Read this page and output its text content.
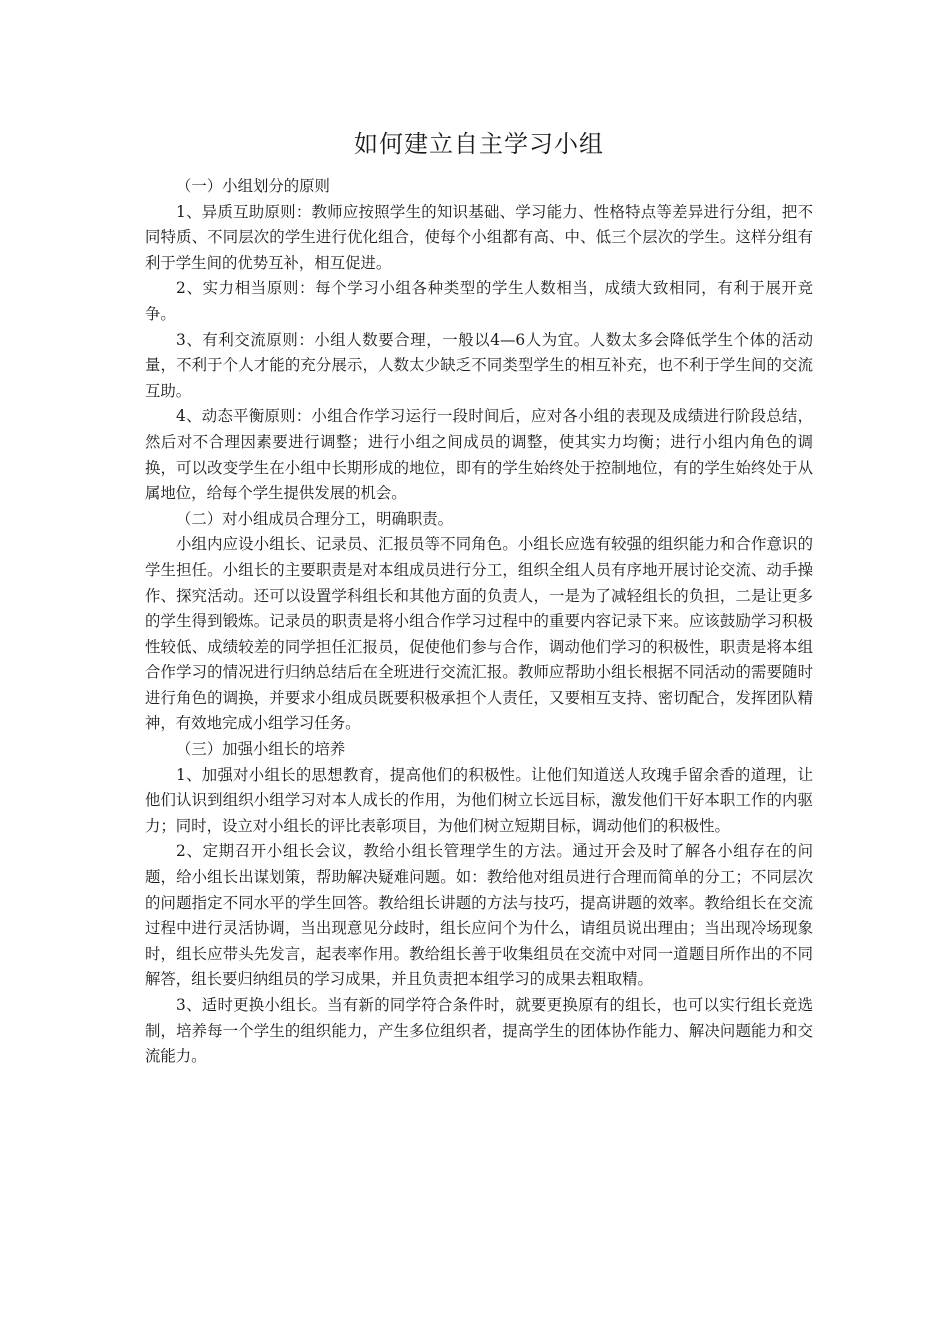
如何建立自主学习小组

（一）小组划分的原则

1、异质互助原则：教师应按照学生的知识基础、学习能力、性格特点等差异进行分组，把不同特质、不同层次的学生进行优化组合，使每个小组都有高、中、低三个层次的学生。这样分组有利于学生间的优势互补，相互促进。

2、实力相当原则：每个学习小组各种类型的学生人数相当，成绩大致相同，有利于展开竞争。

3、有利交流原则：小组人数要合理，一般以4—6人为宜。人数太多会降低学生个体的活动量，不利于个人才能的充分展示，人数太少缺乏不同类型学生的相互补充，也不利于学生间的交流互助。

4、动态平衡原则：小组合作学习运行一段时间后，应对各小组的表现及成绩进行阶段总结，然后对不合理因素要进行调整；进行小组之间成员的调整，使其实力均衡；进行小组内角色的调换，可以改变学生在小组中长期形成的地位，即有的学生始终处于控制地位，有的学生始终处于从属地位，给每个学生提供发展的机会。

（二）对小组成员合理分工，明确职责。

小组内应设小组长、记录员、汇报员等不同角色。小组长应选有较强的组织能力和合作意识的学生担任。小组长的主要职责是对本组成员进行分工，组织全组人员有序地开展讨论交流、动手操作、探究活动。还可以设置学科组长和其他方面的负责人，一是为了减轻组长的负担，二是让更多的学生得到锻炼。记录员的职责是将小组合作学习过程中的重要内容记录下来。应该鼓励学习积极性较低、成绩较差的同学担任汇报员，促使他们参与合作，调动他们学习的积极性，职责是将本组合作学习的情况进行归纳总结后在全班进行交流汇报。教师应帮助小组长根据不同活动的需要随时进行角色的调换，并要求小组成员既要积极承担个人责任，又要相互支持、密切配合，发挥团队精神，有效地完成小组学习任务。

（三）加强小组长的培养

1、加强对小组长的思想教育，提高他们的积极性。让他们知道送人玫瑰手留余香的道理，让他们认识到组织小组学习对本人成长的作用，为他们树立长远目标，激发他们干好本职工作的内驱力；同时，设立对小组长的评比表彰项目，为他们树立短期目标，调动他们的积极性。

2、定期召开小组长会议，教给小组长管理学生的方法。通过开会及时了解各小组存在的问题，给小组长出谋划策，帮助解决疑难问题。如：教给他对组员进行合理而简单的分工；不同层次的问题指定不同水平的学生回答。教给组长讲题的方法与技巧，提高讲题的效率。教给组长在交流过程中进行灵活协调，当出现意见分歧时，组长应问个为什么，请组员说出理由；当出现冷场现象时，组长应带头先发言，起表率作用。教给组长善于收集组员在交流中对同一道题目所作出的不同解答，组长要归纳组员的学习成果，并且负责把本组学习的成果去粗取精。

3、适时更换小组长。当有新的同学符合条件时，就要更换原有的组长，也可以实行组长竞选制，培养每一个学生的组织能力，产生多位组织者，提高学生的团体协作能力、解决问题能力和交流能力。
